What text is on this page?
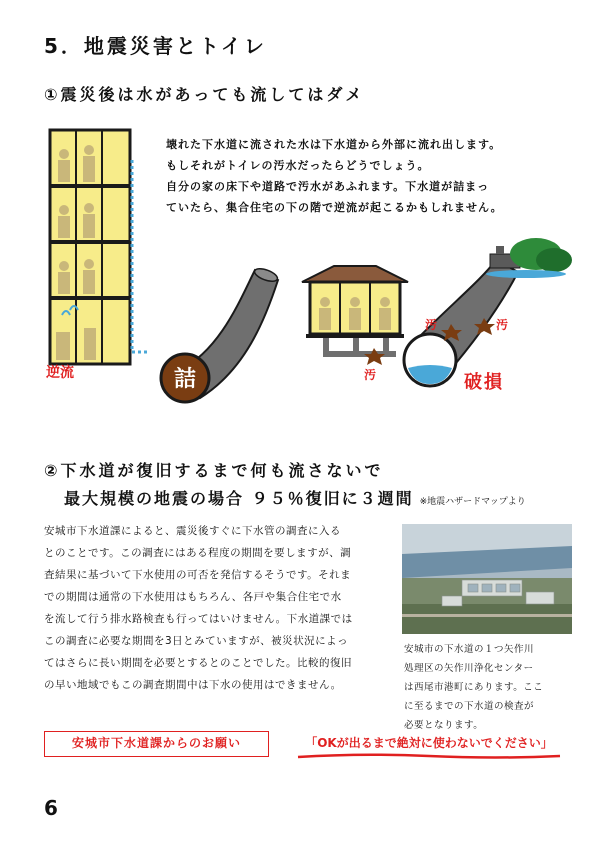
5．地震災害とトイレ
①震災後は水があっても流してはダメ
壊れた下水道に流された水は下水道から外部に流れ出します。
もしそれがトイレの汚水だったらどうでしょう。
自分の家の床下や道路で汚水があふれます。下水道が詰まっ
ていたら、集合住宅の下の階で逆流が起こるかもしれません。
詰
逆流
汚	汚
汚	破損
②下水道が復旧するまで何も流さないで
最大規模の地震の場合 ９５％復旧に３週間 ※地震ハザードマップより
安城市下水道課によると、震災後すぐに下水管の調査に入る
とのことです。この調査にはある程度の期間を要しますが、調
査結果に基づいて下水使用の可否を発信するそうです。それま
での期間は通常の下水使用はもちろん、各戸や集合住宅で水
を流して行う排水路検査も行ってはいけません。下水道課では
この調査に必要な期間を3日とみていますが、被災状況によっ
てはさらに長い期間を必要とするとのことでした。比較的復旧
の早い地域でもこの調査期間中は下水の使用はできません。
安城市の下水道の１つ矢作川
処理区の矢作川浄化センター
は西尾市港町にあります。ここ
に至るまでの下水道の検査が
必要となります。
安城市下水道課からのお願い	「OKが出るまで絶対に使わないでください」
6
